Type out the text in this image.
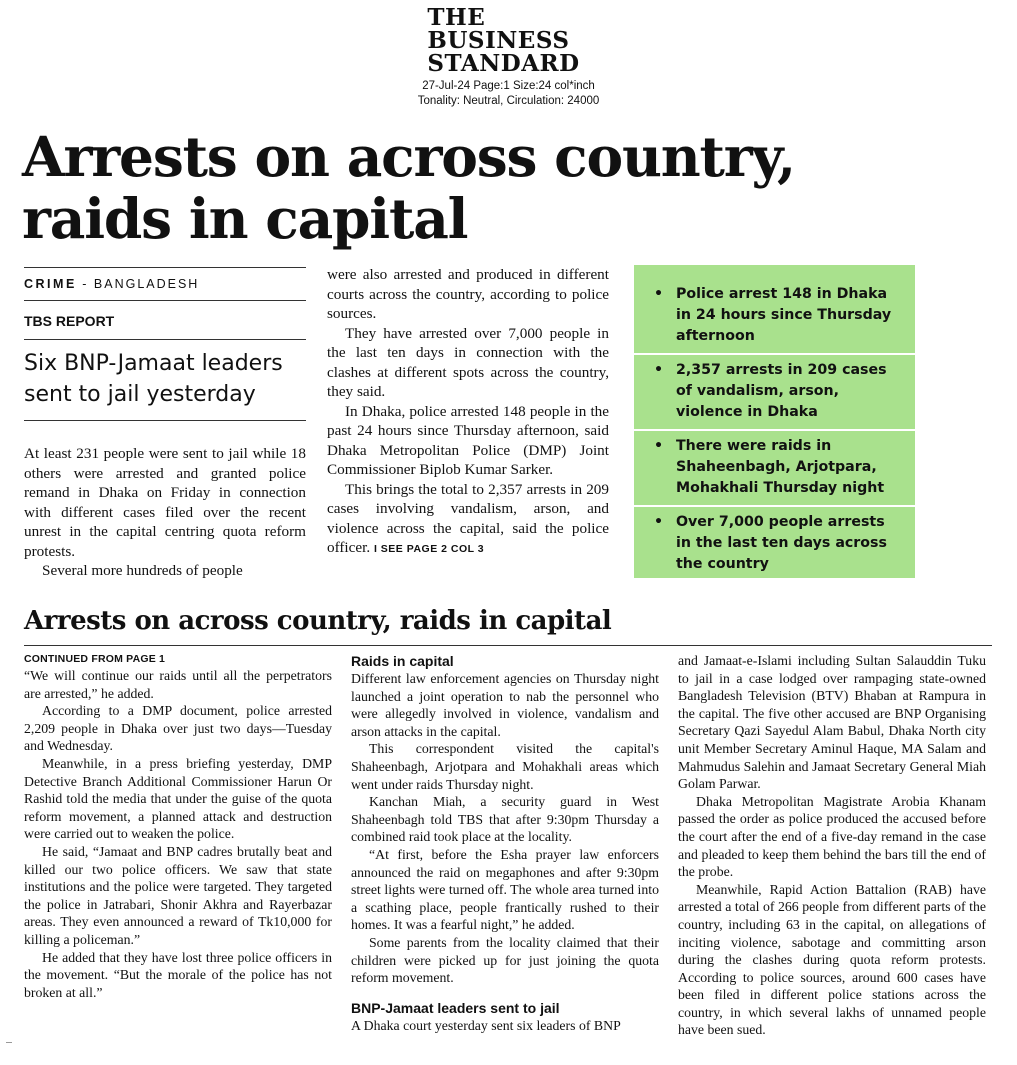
THE
BUSINESS
STANDARD
27-Jul-24 Page:1 Size:24 col*inch
Tonality: Neutral, Circulation: 24000
Arrests on across country,
raids in capital
CRIME - BANGLADESH
TBS REPORT
Six BNP-Jamaat leaders sent to jail yesterday

At least 231 people were sent to jail while 18 others were arrested and granted police remand in Dhaka on Friday in connection with different cases filed over the recent unrest in the capital centring quota reform protests.

Several more hundreds of people

were also arrested and produced in different courts across the country, according to police sources.

They have arrested over 7,000 people in the last ten days in connection with the clashes at different spots across the country, they said.

In Dhaka, police arrested 148 people in the past 24 hours since Thursday afternoon, said Dhaka Metropolitan Police (DMP) Joint Commissioner Biplob Kumar Sarker.

This brings the total to 2,357 arrests in 209 cases involving vandalism, arson, and violence across the capital, said the police officer. I SEE PAGE 2 COL 3

• Police arrest 148 in Dhaka in 24 hours since Thursday afternoon
• 2,357 arrests in 209 cases of vandalism, arson, violence in Dhaka
• There were raids in Shaheenbagh, Arjotpara, Mohakhali Thursday night
• Over 7,000 people arrests in the last ten days across the country
Arrests on across country, raids in capital
CONTINUED FROM PAGE 1

“We will continue our raids until all the perpetrators are arrested,” he added.

According to a DMP document, police arrested 2,209 people in Dhaka over just two days—Tuesday and Wednesday.

Meanwhile, in a press briefing yesterday, DMP Detective Branch Additional Commissioner Harun Or Rashid told the media that under the guise of the quota reform movement, a planned attack and destruction were carried out to weaken the police.

He said, “Jamaat and BNP cadres brutally beat and killed our two police officers. We saw that state institutions and the police were targeted. They targeted the police in Jatrabari, Shonir Akhra and Rayerbazar areas. They even announced a reward of Tk10,000 for killing a policeman.”

He added that they have lost three police officers in the movement. “But the morale of the police has not broken at all.”

Raids in capital

Different law enforcement agencies on Thursday night launched a joint operation to nab the personnel who were allegedly involved in violence, vandalism and arson attacks in the capital.

This correspondent visited the capital's Shaheenbagh, Arjotpara and Mohakhali areas which went under raids Thursday night.

Kanchan Miah, a security guard in West Shaheenbagh told TBS that after 9:30pm Thursday a combined raid took place at the locality.

“At first, before the Esha prayer law enforcers announced the raid on megaphones and after 9:30pm street lights were turned off. The whole area turned into a scathing place, people frantically rushed to their homes. It was a fearful night,” he added.

Some parents from the locality claimed that their children were picked up for just joining the quota reform movement.

BNP-Jamaat leaders sent to jail

A Dhaka court yesterday sent six leaders of BNP

and Jamaat-e-Islami including Sultan Salauddin Tuku to jail in a case lodged over rampaging state-owned Bangladesh Television (BTV) Bhaban at Rampura in the capital. The five other accused are BNP Organising Secretary Qazi Sayedul Alam Babul, Dhaka North city unit Member Secretary Aminul Haque, MA Salam and Mahmudus Salehin and Jamaat Secretary General Miah Golam Parwar.

Dhaka Metropolitan Magistrate Arobia Khanam passed the order as police produced the accused before the court after the end of a five-day remand in the case and pleaded to keep them behind the bars till the end of the probe.

Meanwhile, Rapid Action Battalion (RAB) have arrested a total of 266 people from different parts of the country, including 63 in the capital, on allegations of inciting violence, sabotage and committing arson during the clashes during quota reform protests. According to police sources, around 600 cases have been filed in different police stations across the country, in which several lakhs of unnamed people have been sued.
